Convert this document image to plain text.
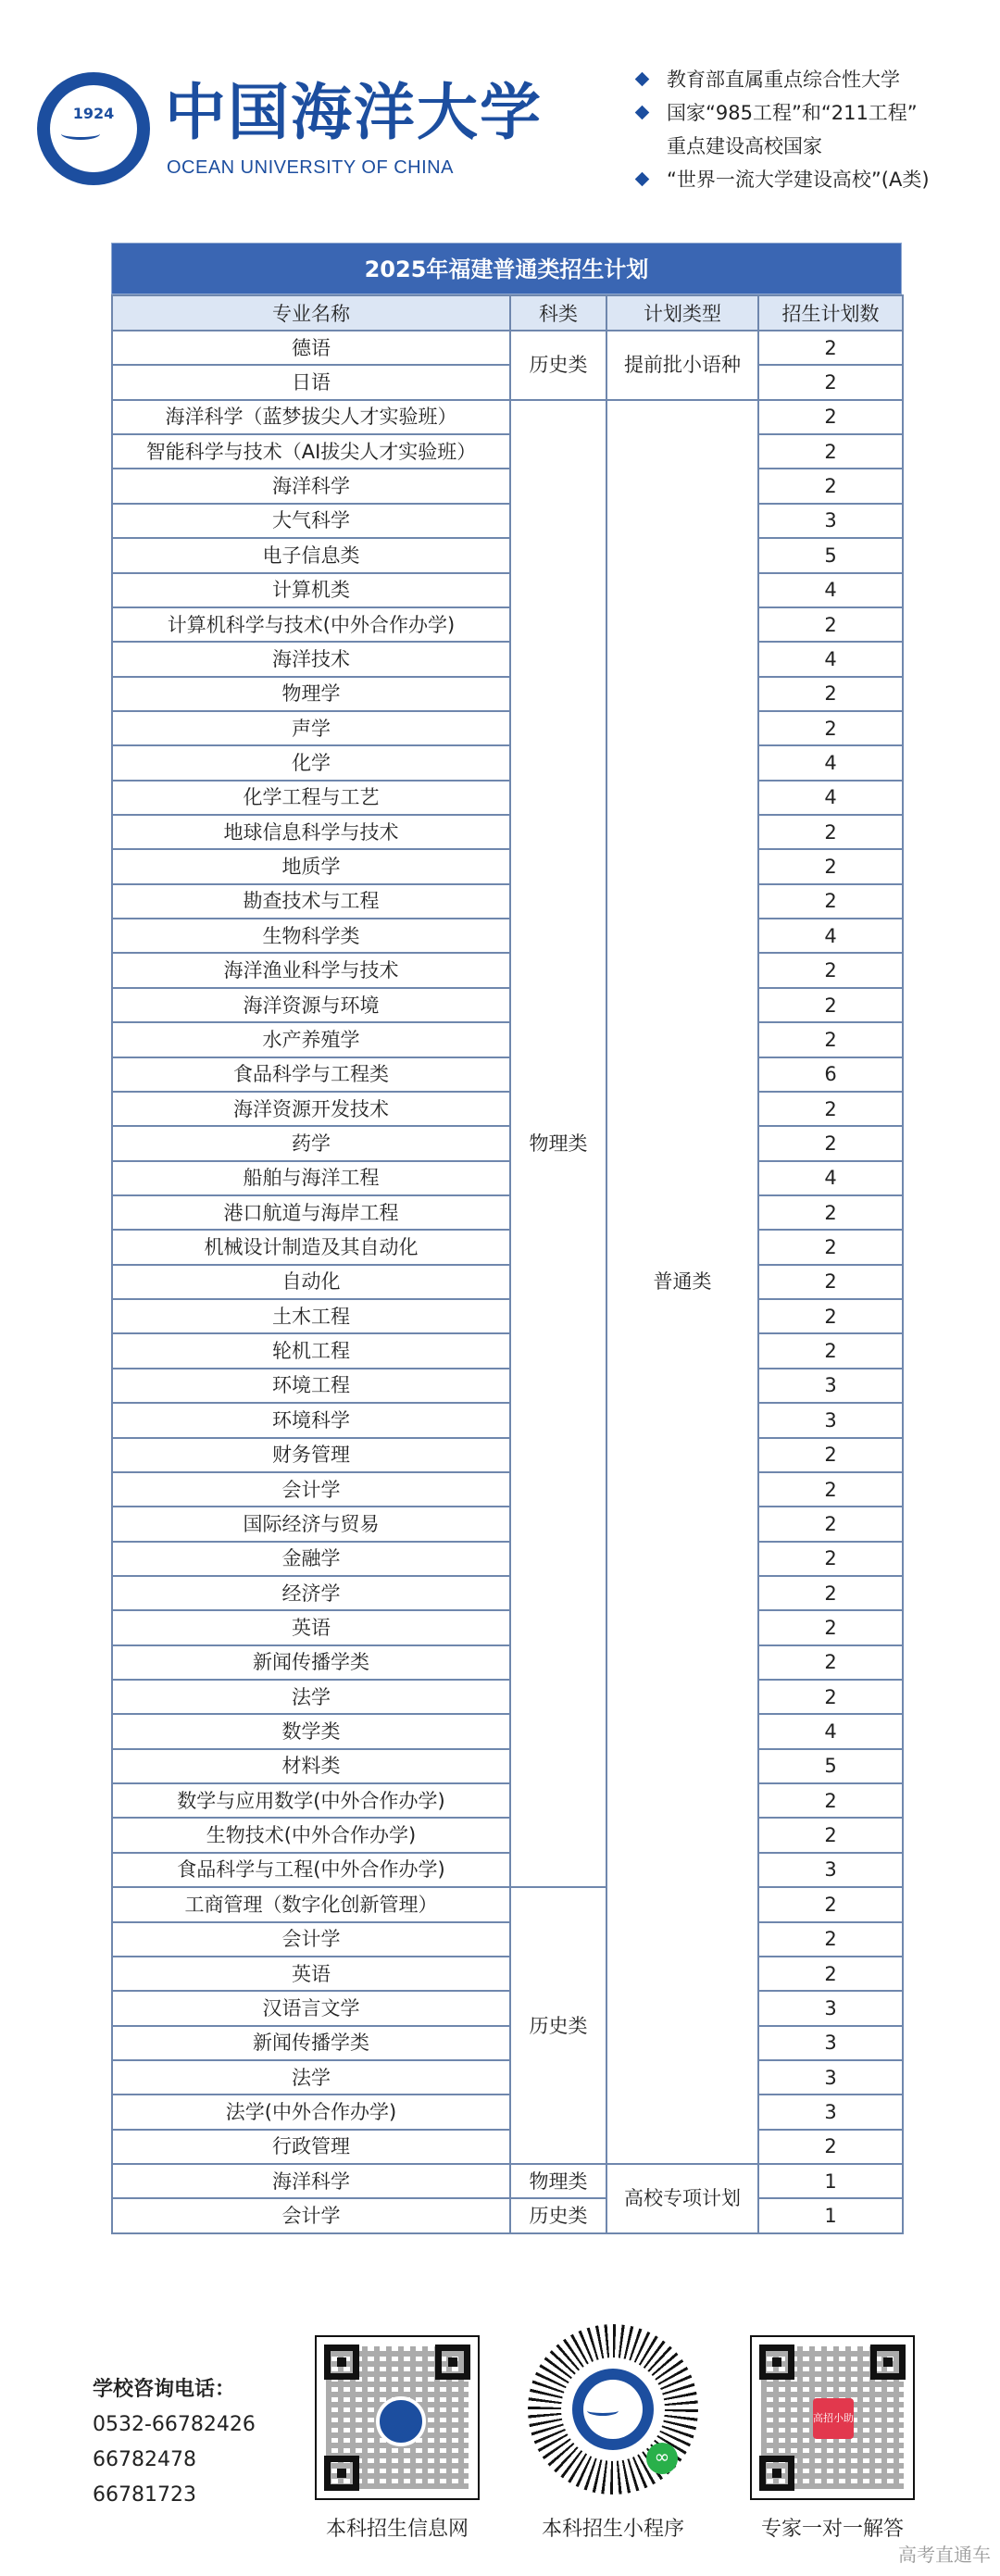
1924 中国海洋大学
OCEAN UNIVERSITY OF CHINA
教育部直属重点综合性大学
国家“985工程”和“211工程”
重点建设高校国家
“世界一流大学建设高校”(A类)
2025年福建普通类招生计划
专业名称	科类	计划类型	招生计划数
德语	历史类	提前批小语种	2
日语			2
海洋科学（蓝梦拔尖人才实验班）	物理类	普通类	2
智能科学与技术（AI拔尖人才实验班）			2
海洋科学			2
大气科学			3
电子信息类			5
计算机类			4
计算机科学与技术(中外合作办学)			2
海洋技术			4
物理学			2
声学			2
化学			4
化学工程与工艺			4
地球信息科学与技术			2
地质学			2
勘查技术与工程			2
生物科学类			4
海洋渔业科学与技术			2
海洋资源与环境			2
水产养殖学			2
食品科学与工程类			6
海洋资源开发技术			2
药学			2
船舶与海洋工程			4
港口航道与海岸工程			2
机械设计制造及其自动化			2
自动化			2
土木工程			2
轮机工程			2
环境工程			3
环境科学			3
财务管理			2
会计学			2
国际经济与贸易			2
金融学			2
经济学			2
英语			2
新闻传播学类			2
法学			2
数学类			4
材料类			5
数学与应用数学(中外合作办学)			2
生物技术(中外合作办学)			2
食品科学与工程(中外合作办学)			3
工商管理（数字化创新管理）	历史类		2
会计学			2
英语			2
汉语言文学			3
新闻传播学类			3
法学			3
法学(中外合作办学)			3
行政管理			2
海洋科学	物理类	高校专项计划	1
会计学	历史类		1
学校咨询电话：
0532-66782426
66782478
66781723
本科招生信息网
∞	本科招生小程序
高招小助
专家一对一解答
高考直通车
